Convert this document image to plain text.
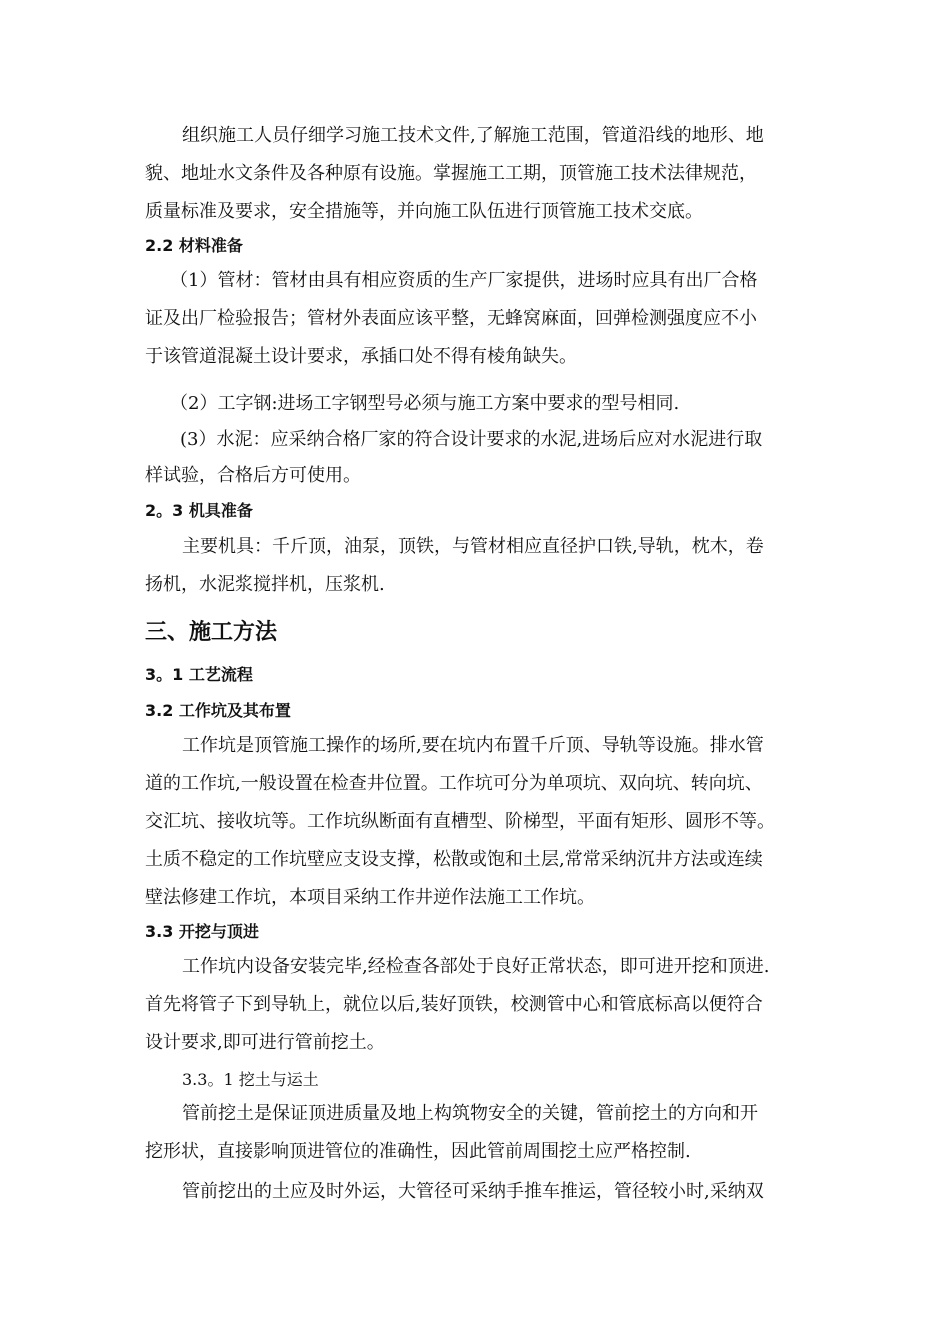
组织施工人员仔细学习施工技术文件,了解施工范围，管道沿线的地形、地
貌、地址水文条件及各种原有设施。掌握施工工期，顶管施工技术法律规范，
质量标准及要求，安全措施等，并向施工队伍进行顶管施工技术交底。
2.2 材料准备
（1）管材：管材由具有相应资质的生产厂家提供，进场时应具有出厂合格
证及出厂检验报告；管材外表面应该平整，无蜂窝麻面，回弹检测强度应不小
于该管道混凝土设计要求，承插口处不得有棱角缺失。
（2）工字钢:进场工字钢型号必须与施工方案中要求的型号相同.
(3）水泥：应采纳合格厂家的符合设计要求的水泥,进场后应对水泥进行取
样试验，合格后方可使用。
2。3 机具准备
主要机具：千斤顶，油泵，顶铁，与管材相应直径护口铁,导轨，枕木，卷
扬机，水泥浆搅拌机，压浆机.
三、施工方法
3。1 工艺流程
3.2 工作坑及其布置
工作坑是顶管施工操作的场所,要在坑内布置千斤顶、导轨等设施。排水管
道的工作坑,一般设置在检查井位置。工作坑可分为单项坑、双向坑、转向坑、
交汇坑、接收坑等。工作坑纵断面有直槽型、阶梯型，平面有矩形、圆形不等。
土质不稳定的工作坑壁应支设支撑，松散或饱和土层,常常采纳沉井方法或连续
壁法修建工作坑，本项目采纳工作井逆作法施工工作坑。
3.3 开挖与顶进
工作坑内设备安装完毕,经检查各部处于良好正常状态，即可进开挖和顶进.
首先将管子下到导轨上，就位以后,装好顶铁，校测管中心和管底标高以便符合
设计要求,即可进行管前挖土。
3.3。1 挖土与运土
管前挖土是保证顶进质量及地上构筑物安全的关键，管前挖土的方向和开
挖形状，直接影响顶进管位的准确性，因此管前周围挖土应严格控制.
管前挖出的土应及时外运，大管径可采纳手推车推运，管径较小时,采纳双
